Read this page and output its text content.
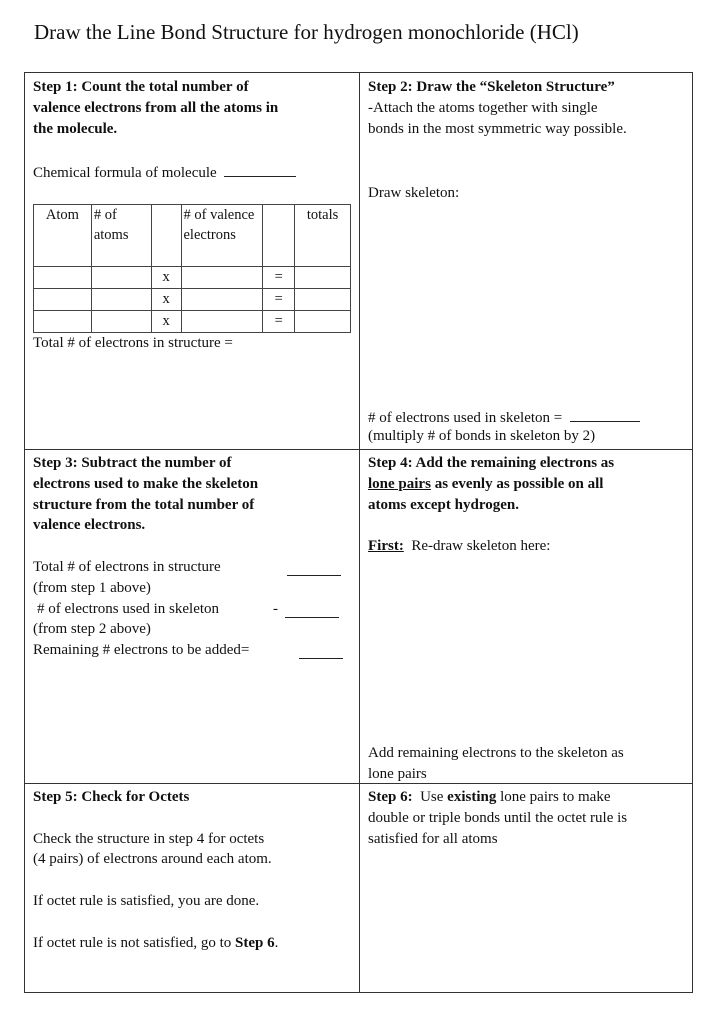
Draw the Line Bond Structure for hydrogen monochloride (HCl)

Step 1: Count the total number of

valence electrons from all the atoms in

the molecule.

Chemical formula of molecule

Atom	# of atoms		# of valence electrons		totals
		x		=	
		x		=	
		x		=	

Total # of electrons in structure =

Step 2: Draw the “Skeleton Structure”

-Attach the atoms together with single

bonds in the most symmetric way possible.

Draw skeleton:

# of electrons used in skeleton =

(multiply # of bonds in skeleton by 2)

Step 3: Subtract the number of

electrons used to make the skeleton

structure from the total number of

valence electrons.

Total # of electrons in structure

(from step 1 above)

# of electrons used in skeleton	-

(from step 2 above)

Remaining # electrons to be added=

Step 4: Add the remaining electrons as

lone pairs as evenly as possible on all

atoms except hydrogen.

First: Re-draw skeleton here:

Add remaining electrons to the skeleton as

lone pairs

Step 5: Check for Octets

Check the structure in step 4 for octets

(4 pairs) of electrons around each atom.

If octet rule is satisfied, you are done.

If octet rule is not satisfied, go to Step 6.

Step 6: Use existing lone pairs to make

double or triple bonds until the octet rule is

satisfied for all atoms
